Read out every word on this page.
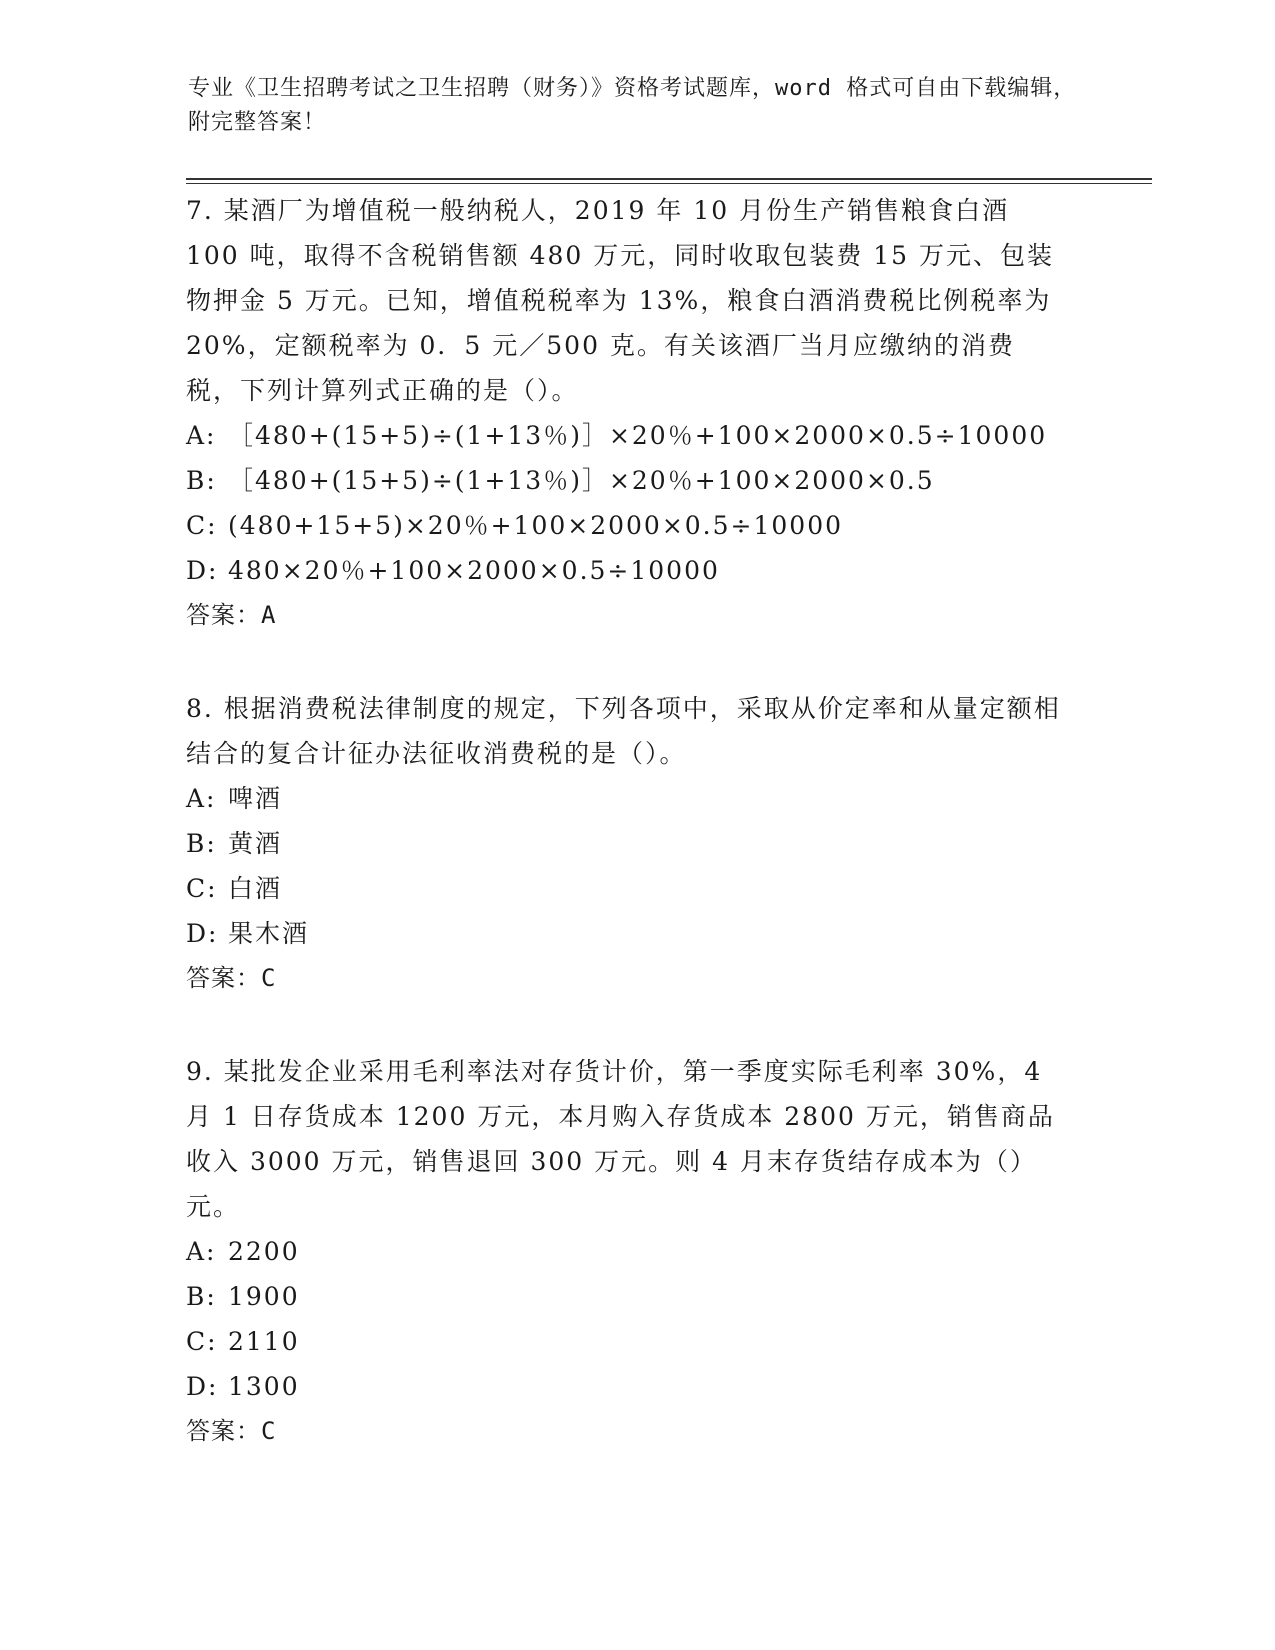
专业《卫生招聘考试之卫生招聘（财务）》资格考试题库，word 格式可自由下载编辑，附完整答案！

7. 某酒厂为增值税一般纳税人，2019 年 10 月份生产销售粮食白酒 100 吨，取得不含税销售额 480 万元，同时收取包装费 15 万元、包装物押金 5 万元。已知，增值税税率为 13%，粮食白酒消费税比例税率为 20%，定额税率为 0．5 元／500 克。有关该酒厂当月应缴纳的消费税，下列计算列式正确的是（）。

A: ［480+(15+5)÷(1+13％)］×20％+100×2000×0.5÷10000

B: ［480+(15+5)÷(1+13％)］×20％+100×2000×0.5

C: (480+15+5)×20％+100×2000×0.5÷10000

D: 480×20％+100×2000×0.5÷10000

答案：A

8. 根据消费税法律制度的规定，下列各项中，采取从价定率和从量定额相结合的复合计征办法征收消费税的是（）。

A: 啤酒

B: 黄酒

C: 白酒

D: 果木酒

答案：C

9. 某批发企业采用毛利率法对存货计价，第一季度实际毛利率 30%，4 月 1 日存货成本 1200 万元，本月购入存货成本 2800 万元，销售商品收入 3000 万元，销售退回 300 万元。则 4 月末存货结存成本为（）元。

A: 2200

B: 1900

C: 2110

D: 1300

答案：C
